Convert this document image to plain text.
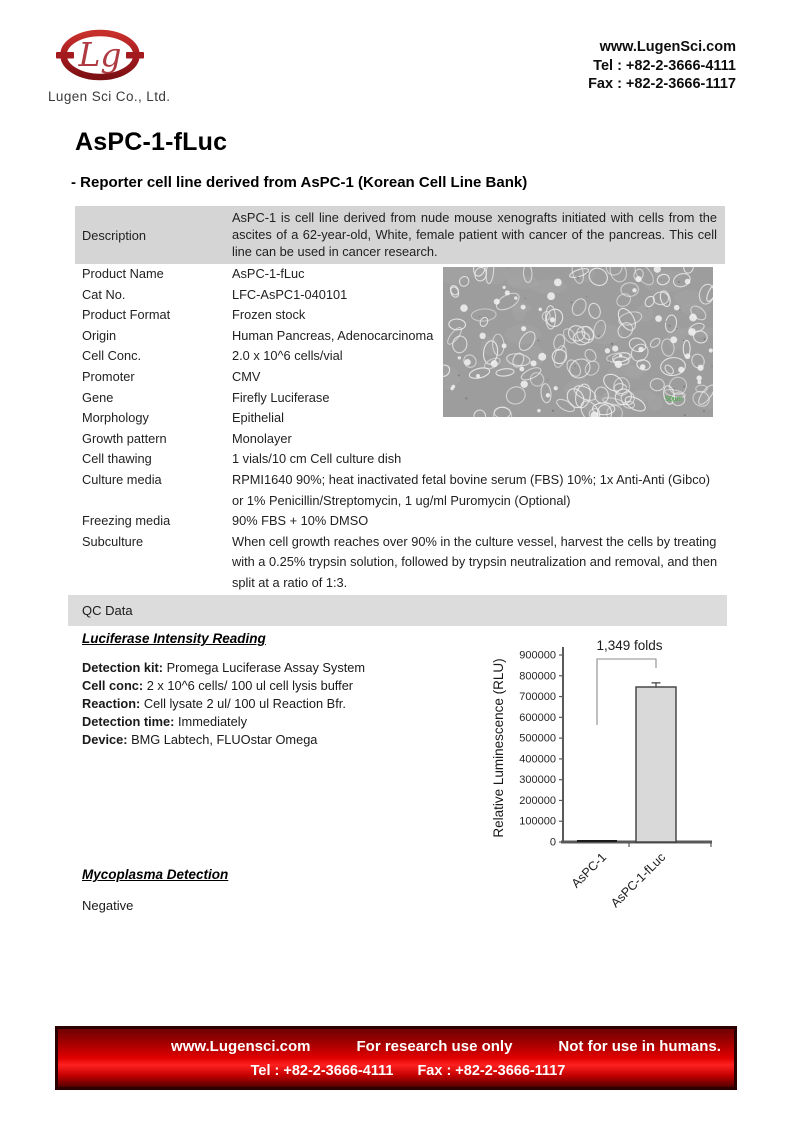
Lg
Lugen Sci Co., Ltd.
www.LugenSci.com
Tel : +82-2-3666-4111
Fax : +82-2-3666-1117
AsPC-1-fLuc
- Reporter cell line derived from AsPC-1 (Korean Cell Line Bank)
Description
AsPC-1 is cell line derived from nude mouse xenografts initiated with cells from the ascites of a 62-year-old, White, female patient with cancer of the pancreas. This cell line can be used in cancer research.
Product Name	AsPC-1-fLuc
Cat No.	LFC-AsPC1-040101
Product Format	Frozen stock
Origin	Human Pancreas, Adenocarcinoma
Cell Conc.	2.0 x 10^6 cells/vial
Promoter	CMV
Gene	Firefly Luciferase
Morphology	Epithelial
Growth pattern	Monolayer
Cell thawing	1 vials/10 cm Cell culture dish
Culture media	RPMI1640 90%; heat inactivated fetal bovine serum (FBS) 10%; 1x Anti-Anti (Gibco) or 1% Penicillin/Streptomycin, 1 ug/ml Puromycin (Optional)
Freezing media	90% FBS + 10% DMSO
Subculture	When cell growth reaches over 90% in the culture vessel, harvest the cells by treating with a 0.25% trypsin solution, followed by trypsin neutralization and removal, and then split at a ratio of 1:3.
50µm
QC Data
Luciferase Intensity Reading
Detection kit: Promega Luciferase Assay System
Cell conc: 2 x 10^6 cells/ 100 ul cell lysis buffer
Reaction: Cell lysate 2 ul/ 100 ul Reaction Bfr.
Detection time: Immediately
Device: BMG Labtech, FLUOstar Omega	Relative Luminescence (RLU)
0
100000
200000
300000
400000
500000
600000
700000
800000
900000
AsPC-1
AsPC-1-fLuc
1,349 folds
Mycoplasma Detection
Negative
www.Lugensci.com	For research use only	Not for use in humans.
Tel : +82-2-3666-4111 Fax : +82-2-3666-1117
